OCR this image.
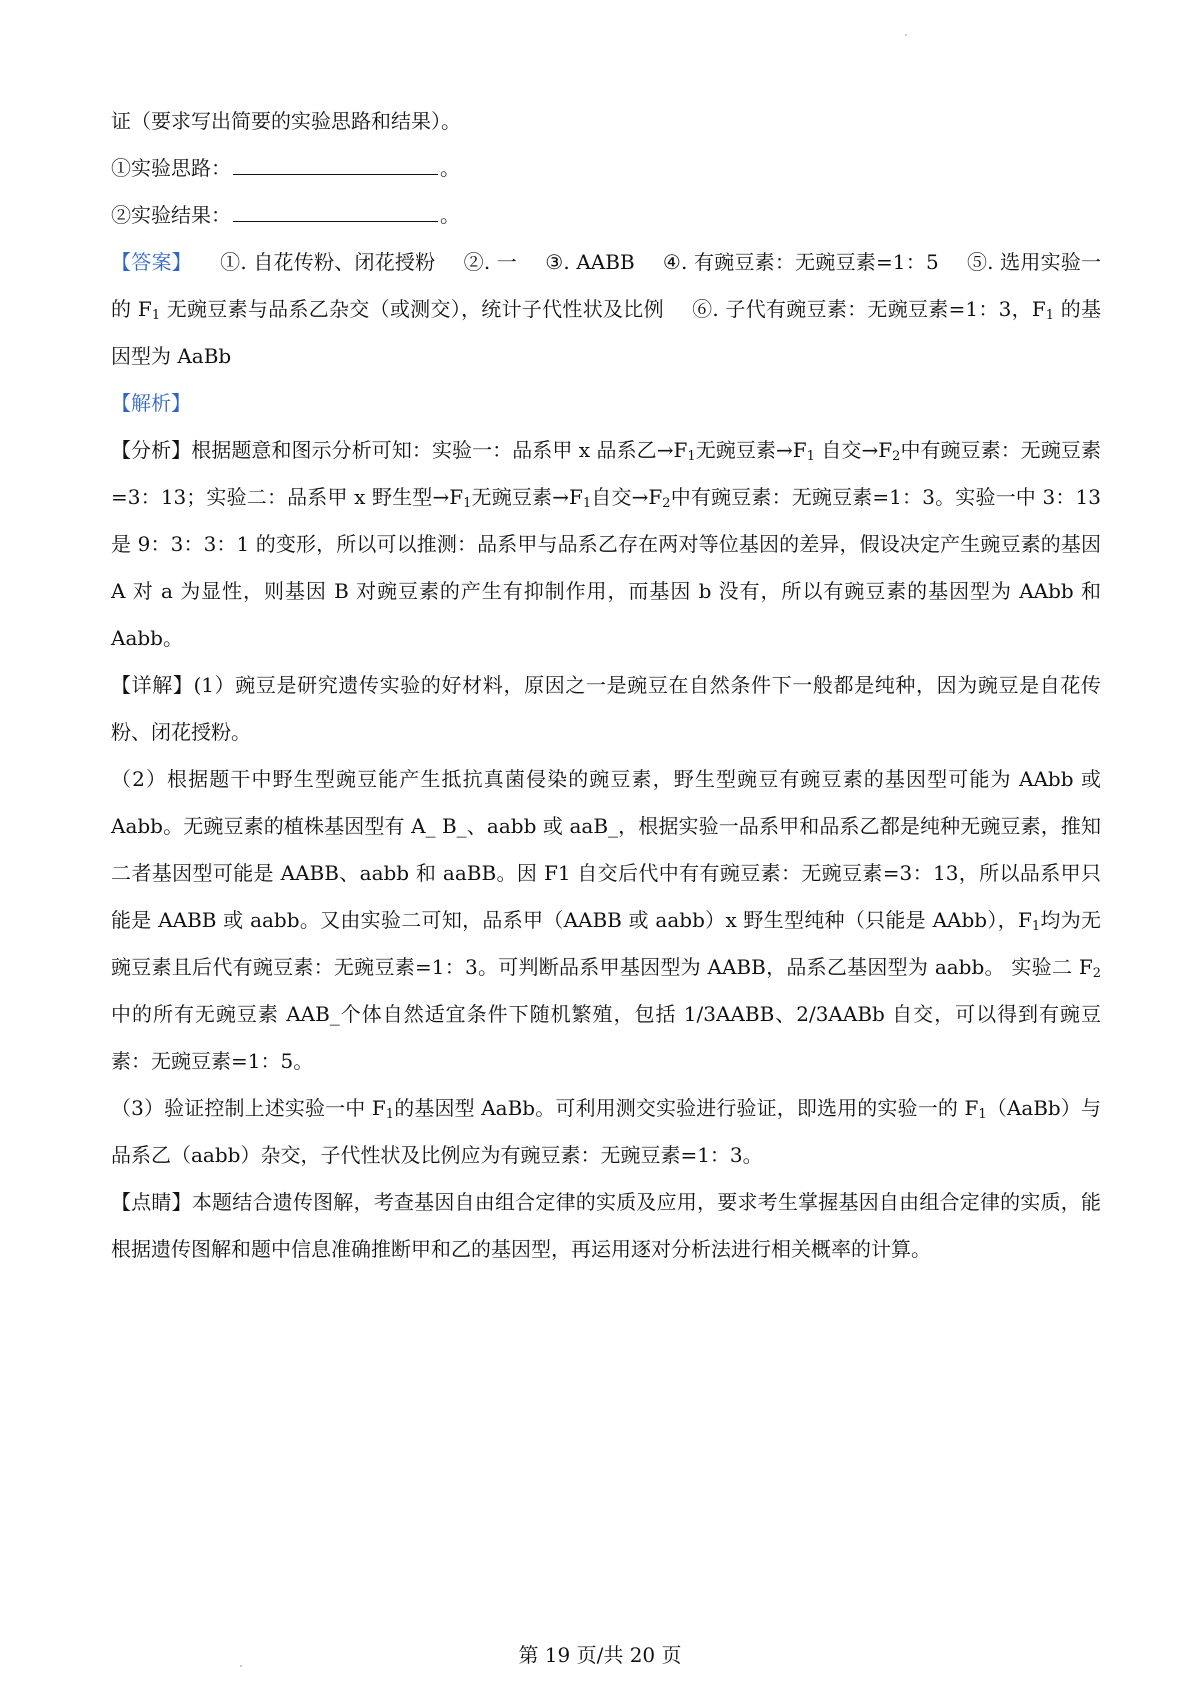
证（要求写出简要的实验思路和结果）。

①实验思路：	。

②实验结果：	。

【答案】 ①. 自花传粉、闭花授粉 ②. 一 ③. AABB ④. 有豌豆素：无豌豆素=1：5 ⑤. 选用实验一的 $F_1$ 无豌豆素与品系乙杂交（或测交），统计子代性状及比例 ⑥. 子代有豌豆素：无豌豆素=1：3，$F_1$ 的基因型为 AaBb

【解析】

【分析】根据题意和图示分析可知：实验一：品系甲 x 品系乙$\to F_1$无豌豆素$\to F_1$ 自交$\to F_2$中有豌豆素：无豌豆素=3：13；实验二：品系甲 x 野生型$\to F_1$无豌豆素$\to F_1$自交$\to F_2$中有豌豆素：无豌豆素=1：3。实验一中 3：13 是 9：3：3：1 的变形，所以可以推测：品系甲与品系乙存在两对等位基因的差异，假设决定产生豌豆素的基因 A 对 a 为显性，则基因 B 对豌豆素的产生有抑制作用，而基因 b 没有，所以有豌豆素的基因型为 AAbb 和 Aabb。

【详解】(1）豌豆是研究遗传实验的好材料，原因之一是豌豆在自然条件下一般都是纯种，因为豌豆是自花传粉、闭花授粉。

（2）根据题干中野生型豌豆能产生抵抗真菌侵染的豌豆素，野生型豌豆有豌豆素的基因型可能为 AAbb 或 Aabb。无豌豆素的植株基因型有 A_ B_、aabb 或 aaB_，根据实验一品系甲和品系乙都是纯种无豌豆素，推知二者基因型可能是 AABB、aabb 和 aaBB。因 F1 自交后代中有有豌豆素：无豌豆素=3：13，所以品系甲只能是 AABB 或 aabb。又由实验二可知，品系甲（AABB 或 aabb）x 野生型纯种（只能是 AAbb），$F_1$均为无豌豆素且后代有豌豆素：无豌豆素=1：3。可判断品系甲基因型为 AABB，品系乙基因型为 aabb。 实验二 $F_2$ 中的所有无豌豆素 AAB_个体自然适宜条件下随机繁殖，包括 1/3AABB、2/3AABb 自交，可以得到有豌豆素：无豌豆素=1：5。

（3）验证控制上述实验一中 $F_1$的基因型 AaBb。可利用测交实验进行验证，即选用的实验一的 $F_1(AaBb)$与品系乙（aabb）杂交，子代性状及比例应为有豌豆素：无豌豆素=1：3。

【点睛】本题结合遗传图解，考查基因自由组合定律的实质及应用，要求考生掌握基因自由组合定律的实质，能根据遗传图解和题中信息准确推断甲和乙的基因型，再运用逐对分析法进行相关概率的计算。

第 19 页/共 20 页
